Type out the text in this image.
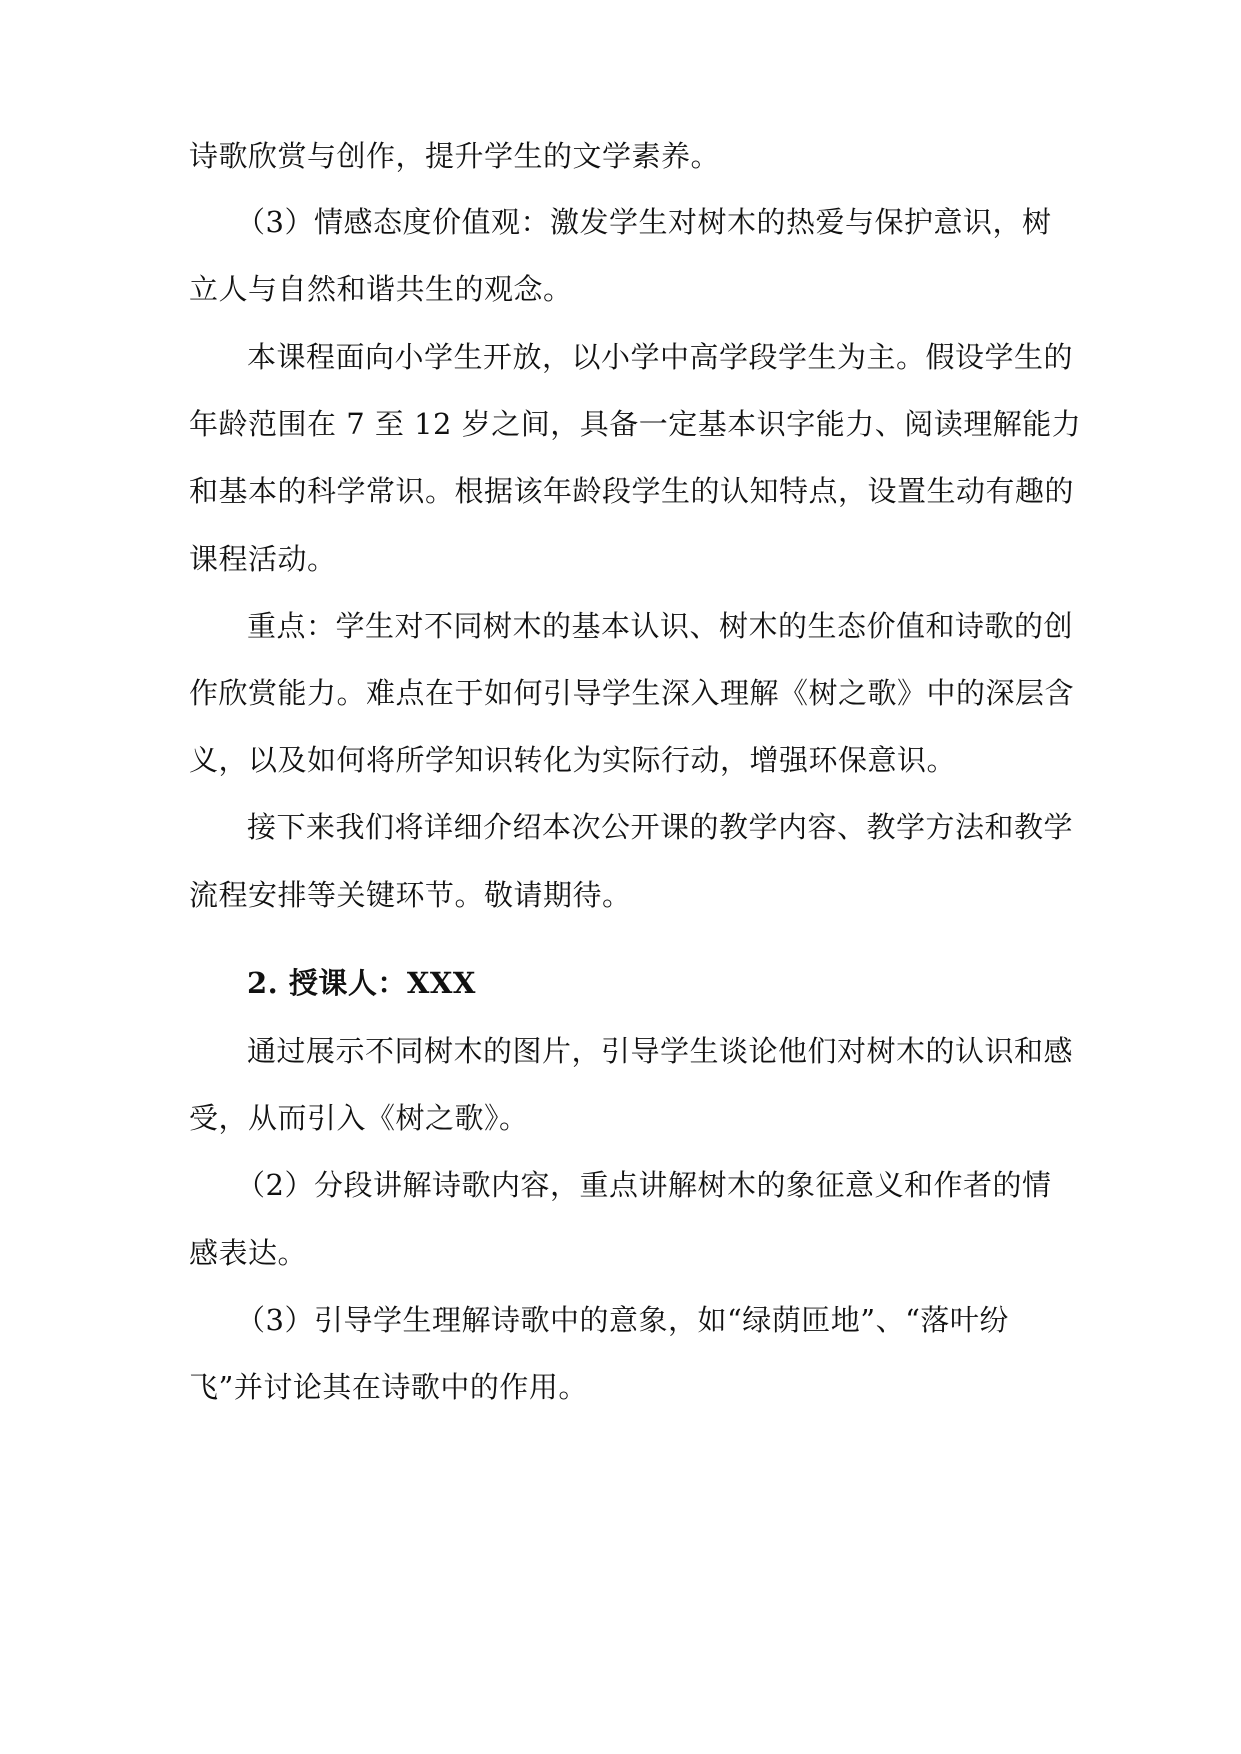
诗歌欣赏与创作，提升学生的文学素养。
（3）情感态度价值观：激发学生对树木的热爱与保护意识，树
立人与自然和谐共生的观念。
本课程面向小学生开放，以小学中高学段学生为主。假设学生的
年龄范围在 7 至 12 岁之间，具备一定基本识字能力、阅读理解能力
和基本的科学常识。根据该年龄段学生的认知特点，设置生动有趣的
课程活动。
重点：学生对不同树木的基本认识、树木的生态价值和诗歌的创
作欣赏能力。难点在于如何引导学生深入理解《树之歌》中的深层含
义，以及如何将所学知识转化为实际行动，增强环保意识。
接下来我们将详细介绍本次公开课的教学内容、教学方法和教学
流程安排等关键环节。敬请期待。
2. 授课人：XXX
通过展示不同树木的图片，引导学生谈论他们对树木的认识和感
受，从而引入《树之歌》。
（2）分段讲解诗歌内容，重点讲解树木的象征意义和作者的情
感表达。
（3）引导学生理解诗歌中的意象，如“绿荫匝地”、“落叶纷
飞”并讨论其在诗歌中的作用。
